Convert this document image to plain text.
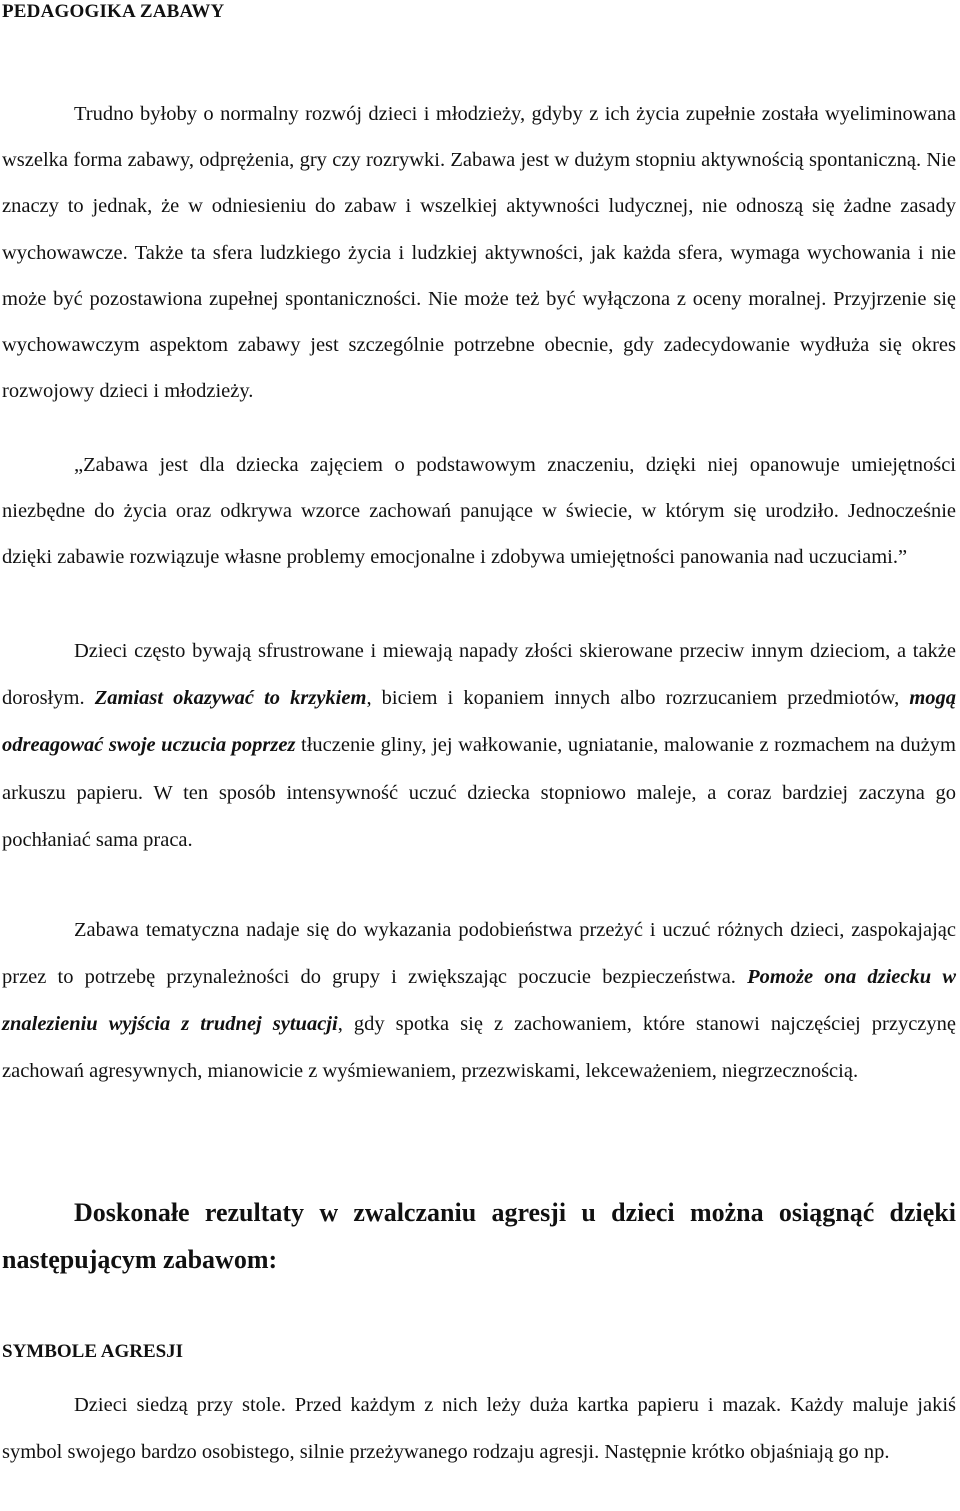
PEDAGOGIKA ZABAWY

Trudno byłoby o normalny rozwój dzieci i młodzieży, gdyby z ich życia zupełnie została wyeliminowana wszelka forma zabawy, odprężenia, gry czy rozrywki. Zabawa jest w dużym stopniu aktywnością spontaniczną. Nie znaczy to jednak, że w odniesieniu do zabaw i wszelkiej aktywności ludycznej, nie odnoszą się żadne zasady wychowawcze. Także ta sfera ludzkiego życia i ludzkiej aktywności, jak każda sfera, wymaga wychowania i nie może być pozostawiona zupełnej spontaniczności. Nie może też być wyłączona z oceny moralnej. Przyjrzenie się wychowawczym aspektom zabawy jest szczególnie potrzebne obecnie, gdy zadecydowanie wydłuża się okres rozwojowy dzieci i młodzieży.

„Zabawa jest dla dziecka zajęciem o podstawowym znaczeniu, dzięki niej opanowuje umiejętności niezbędne do życia oraz odkrywa wzorce zachowań panujące w świecie, w którym się urodziło. Jednocześnie dzięki zabawie rozwiązuje własne problemy emocjonalne i zdobywa umiejętności panowania nad uczuciami.”

Dzieci często bywają sfrustrowane i miewają napady złości skierowane przeciw innym dzieciom, a także dorosłym. Zamiast okazywać to krzykiem, biciem i kopaniem innych albo rozrzucaniem przedmiotów, mogą odreagować swoje uczucia poprzez tłuczenie gliny, jej wałkowanie, ugniatanie, malowanie z rozmachem na dużym arkuszu papieru. W ten sposób intensywność uczuć dziecka stopniowo maleje, a coraz bardziej zaczyna go pochłaniać sama praca.

Zabawa tematyczna nadaje się do wykazania podobieństwa przeżyć i uczuć różnych dzieci, zaspokajając przez to potrzebę przynależności do grupy i zwiększając poczucie bezpieczeństwa. Pomoże ona dziecku w znalezieniu wyjścia z trudnej sytuacji, gdy spotka się z zachowaniem, które stanowi najczęściej przyczynę zachowań agresywnych, mianowicie z wyśmiewaniem, przezwiskami, lekceważeniem, niegrzecznością.

Doskonałe rezultaty w zwalczaniu agresji u dzieci można osiągnąć dzięki następującym zabawom:
SYMBOLE AGRESJI

Dzieci siedzą przy stole. Przed każdym z nich leży duża kartka papieru i mazak. Każdy maluje jakiś symbol swojego bardzo osobistego, silnie przeżywanego rodzaju agresji. Następnie krótko objaśniają go np.
